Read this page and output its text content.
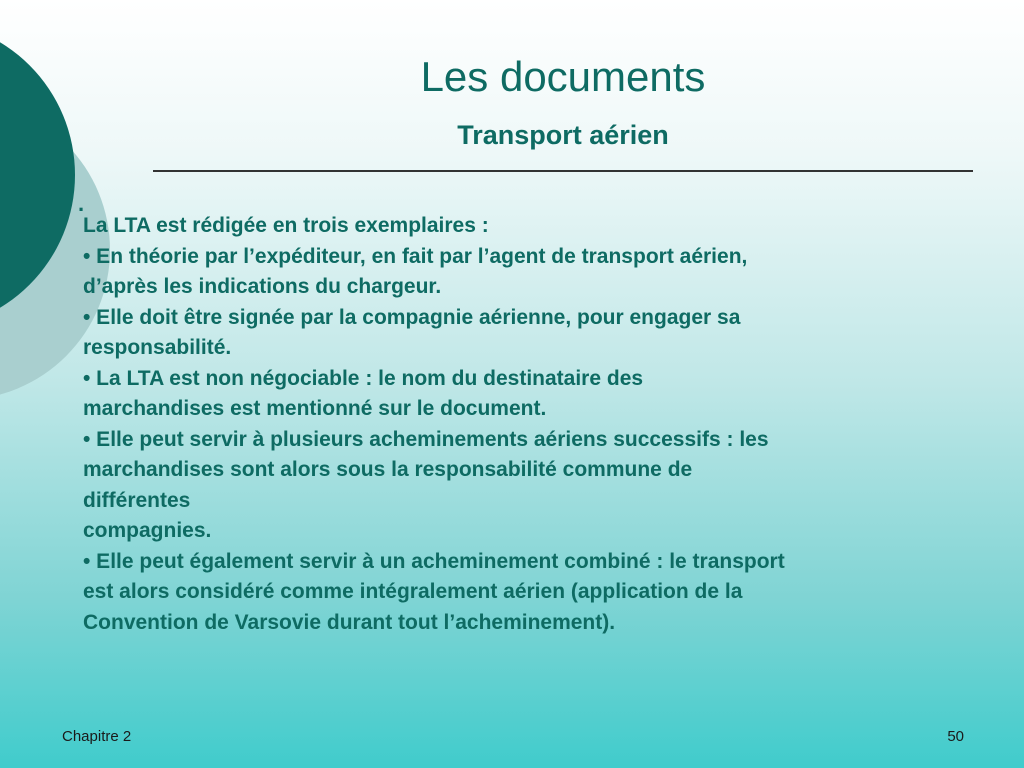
Les documents
Transport aérien
.
La LTA est rédigée en trois exemplaires :
• En théorie par l’expéditeur, en fait par l’agent de transport aérien,
d’après les indications du chargeur.
• Elle doit être signée par la compagnie aérienne, pour engager sa
responsabilité.
• La LTA est non négociable : le nom du destinataire des
marchandises est mentionné sur le document.
• Elle peut servir à plusieurs acheminements aériens successifs : les
marchandises sont alors sous la responsabilité commune de
différentes
compagnies.
• Elle peut également servir à un acheminement combiné : le transport
est alors considéré comme intégralement aérien (application de la
Convention de Varsovie durant tout l’acheminement).
Chapitre 2	50
